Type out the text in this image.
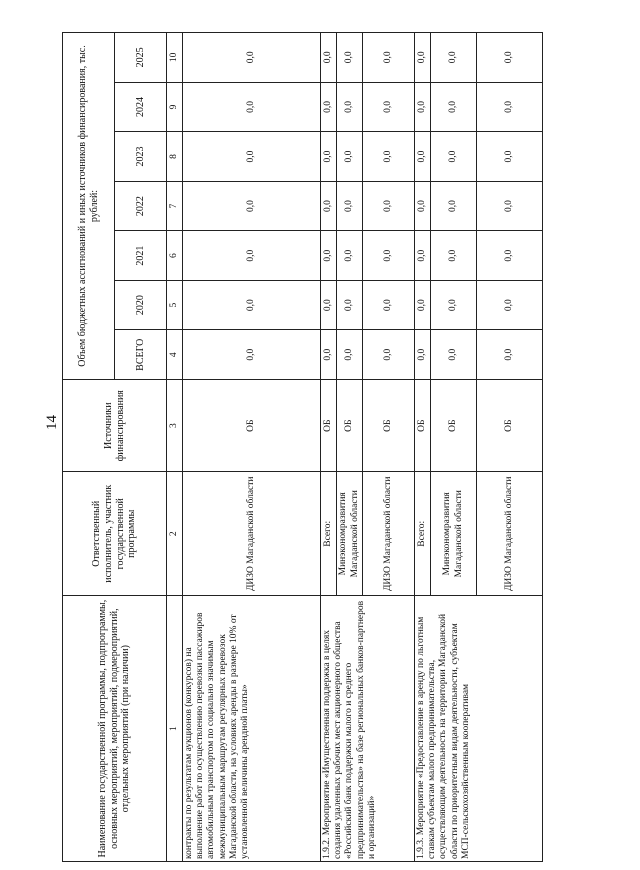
14
Наименование государственной программы, подпрограммы, основных мероприятий, мероприятий, подмероприятий, отдельных мероприятий (при наличии)	Ответственный исполнитель, участник государственной программы	Источники финансирования	Объем бюджетных ассигнований и иных источников финансирования, тыс. рублей:						
			ВСЕГО	2020	2021	2022	2023	2024	2025
1	2	3	4	5	6	7	8	9	10
контракты по результатам аукционов (конкурсов) на выполнение работ по осуществлению перевозки пассажиров автомобильным транспортом по социально значимым межмуниципальным маршрутам регулярных перевозок Магаданской области, на условиях аренды в размере 10% от установленной величины арендной платы»	ДИЗО Магаданской области	ОБ	0,0	0,0	0,0	0,0	0,0	0,0	0,0
1.9.2. Мероприятие «Имущественная поддержка в целях создания удаленных рабочих мест акционерного общества «Российский банк поддержки малого и среднего предпринимательства» на базе региональных банков-партнеров и организаций»	Всего:	ОБ	0,0	0,0	0,0	0,0	0,0	0,0	0,0
	Минэкономразвития Магаданской области	ОБ	0,0	0,0	0,0	0,0	0,0	0,0	0,0
	ДИЗО Магаданской области	ОБ	0,0	0,0	0,0	0,0	0,0	0,0	0,0
1.9.3. Мероприятие «Предоставление в аренду по льготным ставкам субъектам малого предпринимательства, осуществляющим деятельность на территории Магаданской области по приоритетным видам деятельности, субъектам МСП-сельскохозяйственным кооперативам	Всего:	ОБ	0,0	0,0	0,0	0,0	0,0	0,0	0,0
	Минэкономразвития Магаданской области	ОБ	0,0	0,0	0,0	0,0	0,0	0,0	0,0
	ДИЗО Магаданской области	ОБ	0,0	0,0	0,0	0,0	0,0	0,0	0,0
